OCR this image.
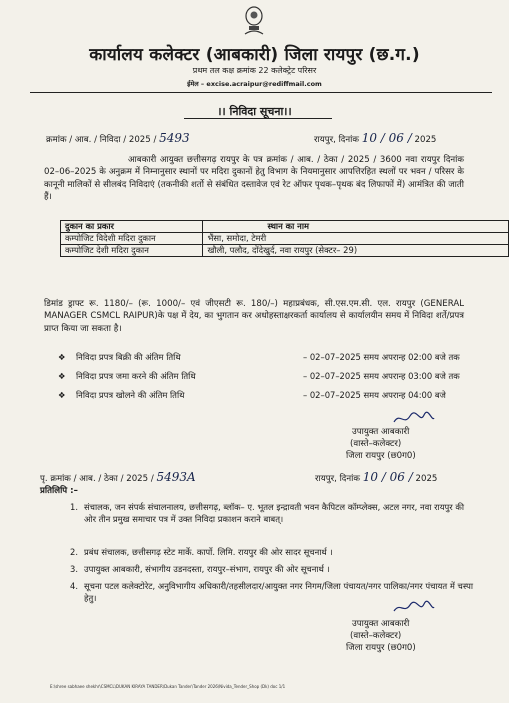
कार्यालय कलेक्टर (आबकारी) जिला रायपुर (छ.ग.)
प्रथम तल कक्ष क्रमांक 22 कलेक्ट्रेट परिसर
ईमेल – excise.acraipur@rediffmail.com
।। निविदा सूचना।।
क्रमांक / आब. / निविदा / 2025 / 5493	रायपुर, दिनांक 10 / 06 / 2025
आबकारी आयुक्त छत्तीसगढ़ रायपुर के पत्र क्रमांक / आब. / ठेका / 2025 / 3600 नवा रायपुर दिनांक 02–06–2025 के अनुक्रम में निम्नानुसार स्थानों पर मदिरा दुकानों हेतु विभाग के नियमानुसार आपत्तिरहित स्थलों पर भवन / परिसर के कानूनी मालिकों से सीलबंद निविदाएं (तकनीकी शर्तो से संबंधित दस्तावेज एवं रेट ऑफर पृथक–पृथक बंद लिफाफों में) आमंत्रित की जाती हैं।
दुकान का प्रकार	स्थान का नाम
कम्पोजिट विदेशी मदिरा दुकान	भैंसा, समोदा, टेमरी
कम्पोजिट देशी मदिरा दुकान	खौली, पलौद, दोंदेखुर्द, नवा रायपुर (सेक्टर– 29)
डिमांड ड्राफ्ट रू. 1180/– (रू. 1000/– एवं जीएसटी रू. 180/–) महाप्रबंधक, सी.एस.एम.सी. एल. रायपुर (GENERAL MANAGER CSMCL RAIPUR)के पक्ष में देय, का भुगतान कर अधोहस्ताक्षरकर्ता कार्यालय से कार्यालयीन समय में निविदा शर्ते/प्रपत्र प्राप्त किया जा सकता है।
❖ निविदा प्रपत्र बिक्री की अंतिम तिथि	– 02–07–2025 समय अपरान्ह 02:00 बजे तक
❖ निविदा प्रपत्र जमा करने की अंतिम तिथि	– 02–07–2025 समय अपरान्ह 03:00 बजे तक
❖ निविदा प्रपत्र खोलने की अंतिम तिथि	– 02–07–2025 समय अपरान्ह 04:00 बजे
उपायुक्त आबकारी
(वास्ते–कलेक्टर)
जिला रायपुर (छ0ग0)
पृ. क्रमांक / आब. / ठेका / 2025 / 5493A	रायपुर, दिनांक 10 / 06 / 2025
प्रतिलिपि :–
1. संचालक, जन संपर्क संचालनालय, छत्तीसगढ़, ब्लॉक– ए. भूतल इन्द्रावती भवन कैपिटल कॉम्प्लेक्स, अटल नगर, नवा रायपुर की ओर तीन प्रमुख समाचार पत्र में उक्त निविदा प्रकाशन कराने बाबत्।
2. प्रबंध संचालक, छत्तीसगढ़ स्टेट मार्के. कार्पो. लिमि. रायपुर की ओर सादर सूचनार्थ ।
3. उपायुक्त आबकारी, संभागीय उडनदस्ता, रायपुर–संभाग, रायपुर की ओर सूचनार्थ ।
4. सूचना पटल कलेक्टोरेट, अनुविभागीय अधिकारी/तहसीलदार/आयुक्त नगर निगम/जिला पंचायत/नगर पालिका/नगर पंचायत में चस्पा हेतु।
उपायुक्त आबकारी
(वास्ते–कलेक्टर)
जिला रायपुर (छ0ग0)
E:\shree sabhaee shekhr\CSMCL\DUKAN KIRAYA TANDER\Dukan Tander\Tander 2026\Nivida_Tender_Shop (Dk) doc 1/1
